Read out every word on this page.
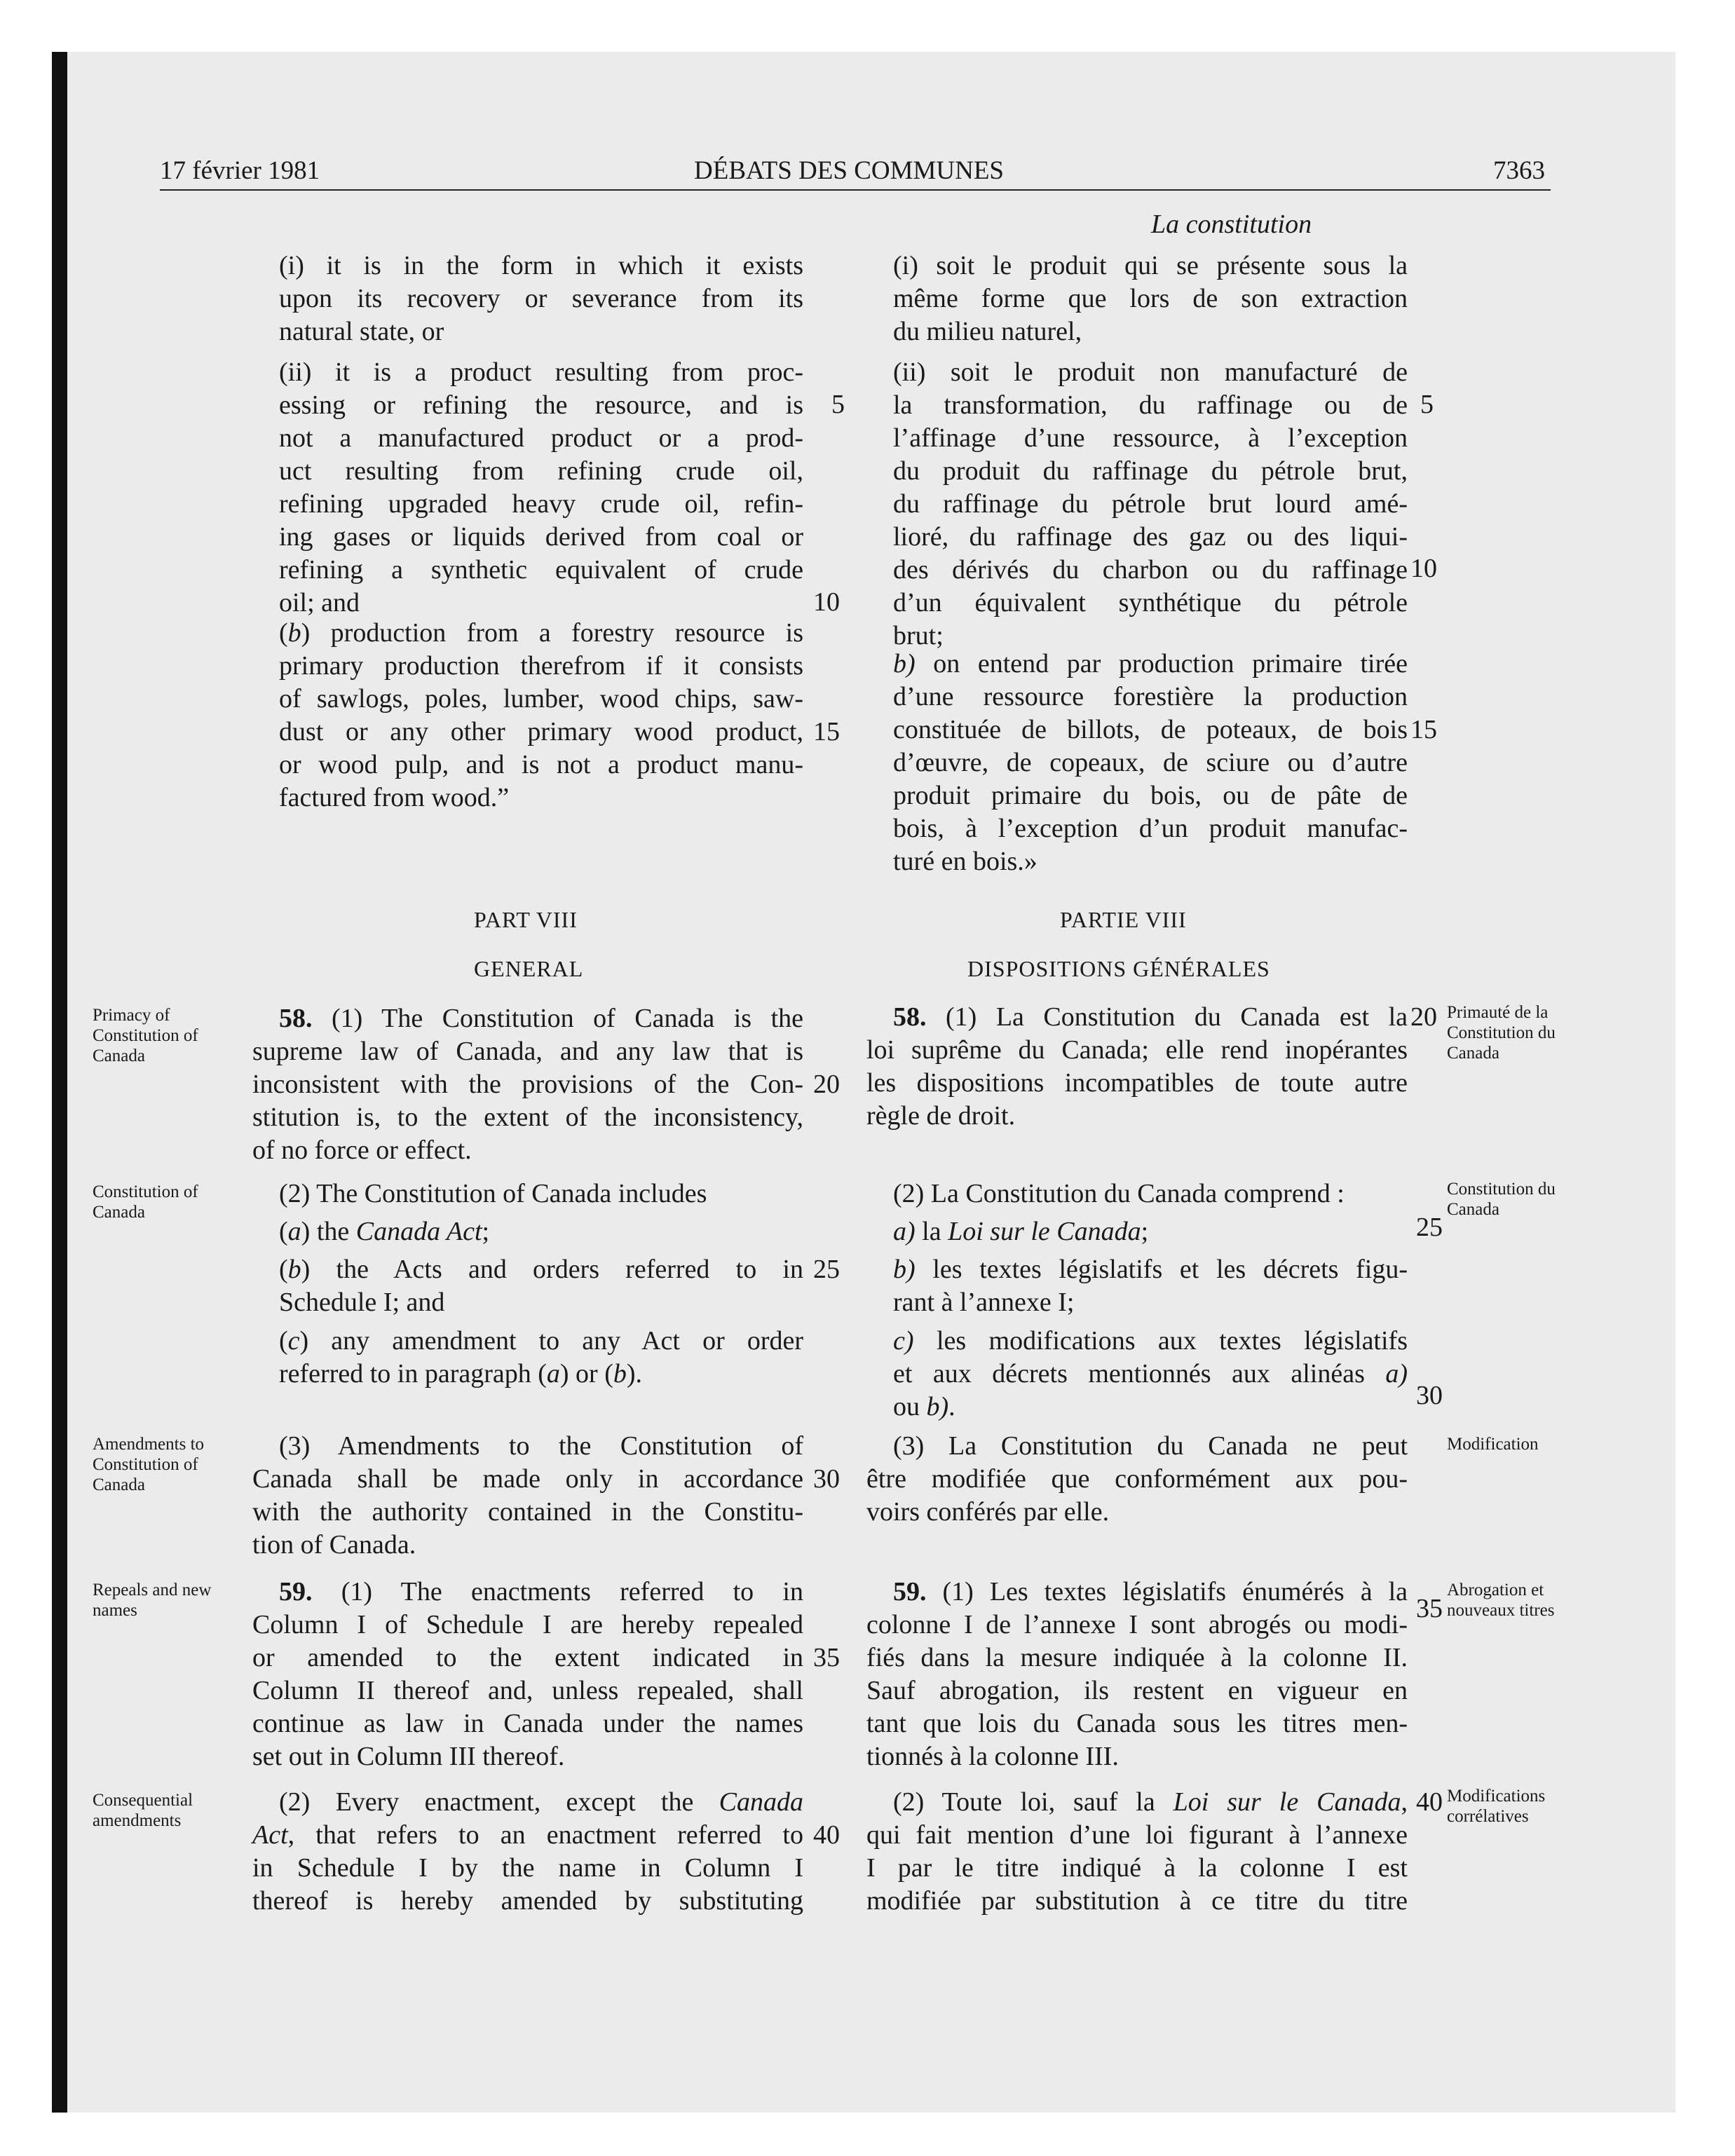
17 février 1981	DÉBATS DES COMMUNES	7363
La constitution
(i) it is in the form in which it exists
upon its recovery or severance from its
natural state, or
(ii) it is a product resulting from proc-
essing or refining the resource, and is
not a manufactured product or a prod-
uct resulting from refining crude oil,
refining upgraded heavy crude oil, refin-
ing gases or liquids derived from coal or
refining a synthetic equivalent of crude
oil; and
(b) production from a forestry resource is
primary production therefrom if it consists
of sawlogs, poles, lumber, wood chips, saw-
dust or any other primary wood product,
or wood pulp, and is not a product manu-
factured from wood.”
PART VIII
GENERAL
58. (1) The Constitution of Canada is the
supreme law of Canada, and any law that is
inconsistent with the provisions of the Con-
stitution is, to the extent of the inconsistency,
of no force or effect.
(2) The Constitution of Canada includes
(a) the Canada Act;
(b) the Acts and orders referred to in
Schedule I; and
(c) any amendment to any Act or order
referred to in paragraph (a) or (b).
(3) Amendments to the Constitution of
Canada shall be made only in accordance
with the authority contained in the Constitu-
tion of Canada.
59. (1) The enactments referred to in
Column I of Schedule I are hereby repealed
or amended to the extent indicated in
Column II thereof and, unless repealed, shall
continue as law in Canada under the names
set out in Column III thereof.
(2) Every enactment, except the Canada
Act, that refers to an enactment referred to
in Schedule I by the name in Column I
thereof is hereby amended by substituting
(i) soit le produit qui se présente sous la
même forme que lors de son extraction
du milieu naturel,
(ii) soit le produit non manufacturé de
la transformation, du raffinage ou de
l’affinage d’une ressource, à l’exception
du produit du raffinage du pétrole brut,
du raffinage du pétrole brut lourd amé-
lioré, du raffinage des gaz ou des liqui-
des dérivés du charbon ou du raffinage
d’un équivalent synthétique du pétrole
brut;
b) on entend par production primaire tirée
d’une ressource forestière la production
constituée de billots, de poteaux, de bois
d’œuvre, de copeaux, de sciure ou d’autre
produit primaire du bois, ou de pâte de
bois, à l’exception d’un produit manufac-
turé en bois.»
PARTIE VIII
DISPOSITIONS GÉNÉRALES
58. (1) La Constitution du Canada est la
loi suprême du Canada; elle rend inopérantes
les dispositions incompatibles de toute autre
règle de droit.
(2) La Constitution du Canada comprend :
a) la Loi sur le Canada;
b) les textes législatifs et les décrets figu-
rant à l’annexe I;
c) les modifications aux textes législatifs
et aux décrets mentionnés aux alinéas a)
ou b).
(3) La Constitution du Canada ne peut
être modifiée que conformément aux pou-
voirs conférés par elle.
59. (1) Les textes législatifs énumérés à la
colonne I de l’annexe I sont abrogés ou modi-
fiés dans la mesure indiquée à la colonne II.
Sauf abrogation, ils restent en vigueur en
tant que lois du Canada sous les titres men-
tionnés à la colonne III.
(2) Toute loi, sauf la Loi sur le Canada,
qui fait mention d’une loi figurant à l’annexe
I par le titre indiqué à la colonne I est
modifiée par substitution à ce titre du titre
5
10
15
20
25
30
35
40
5
10
15
20
25
30
35
40
Primacy of Constitution of Canada
Constitution of Canada
Amendments to Constitution of Canada
Repeals and new names
Consequential amendments
Primauté de la Constitution du Canada
Constitution du Canada
Modification
Abrogation et nouveaux titres
Modifications corrélatives
